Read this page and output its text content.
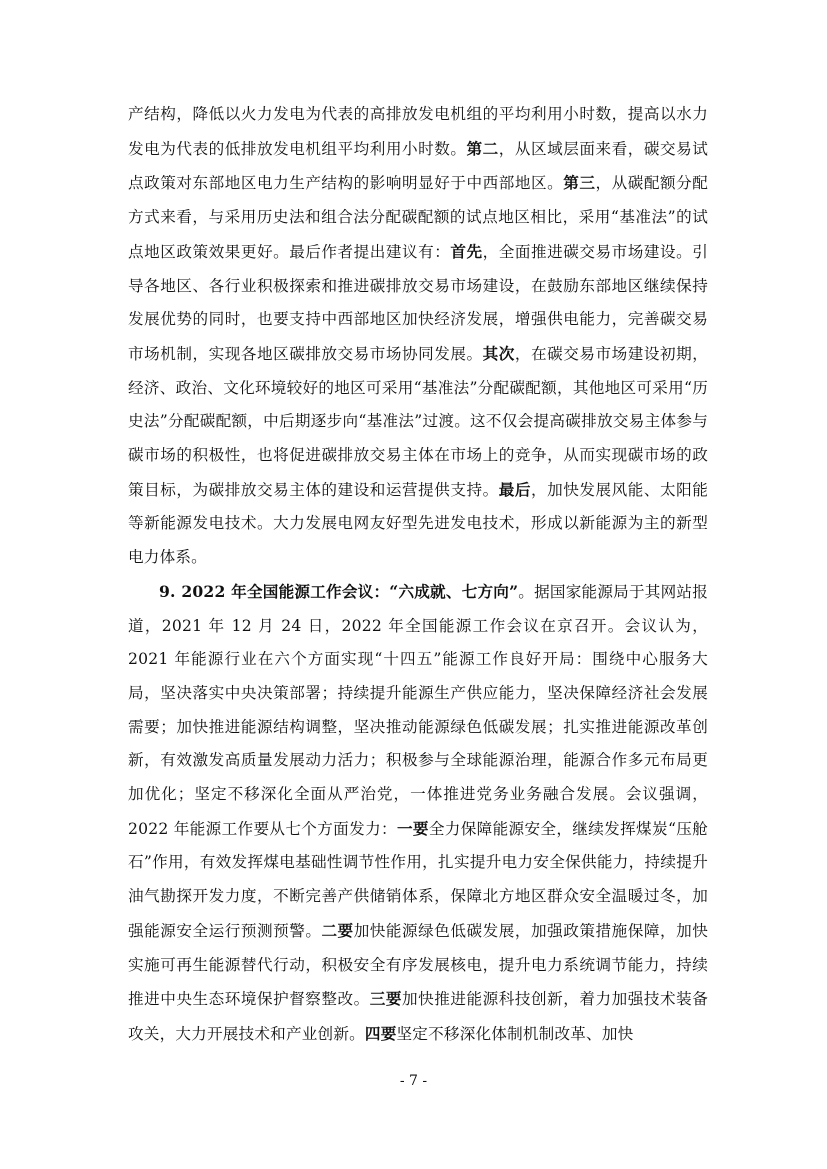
产结构，降低以火力发电为代表的高排放发电机组的平均利用小时数，提高以水力发电为代表的低排放发电机组平均利用小时数。第二，从区域层面来看，碳交易试点政策对东部地区电力生产结构的影响明显好于中西部地区。第三，从碳配额分配方式来看，与采用历史法和组合法分配碳配额的试点地区相比，采用“基准法”的试点地区政策效果更好。最后作者提出建议有：首先，全面推进碳交易市场建设。引导各地区、各行业积极探索和推进碳排放交易市场建设，在鼓励东部地区继续保持发展优势的同时，也要支持中西部地区加快经济发展，增强供电能力，完善碳交易市场机制，实现各地区碳排放交易市场协同发展。其次，在碳交易市场建设初期，经济、政治、文化环境较好的地区可采用“基准法”分配碳配额，其他地区可采用“历史法”分配碳配额，中后期逐步向“基准法”过渡。这不仅会提高碳排放交易主体参与碳市场的积极性，也将促进碳排放交易主体在市场上的竞争，从而实现碳市场的政策目标，为碳排放交易主体的建设和运营提供支持。最后，加快发展风能、太阳能等新能源发电技术。大力发展电网友好型先进发电技术，形成以新能源为主的新型电力体系。

9. 2022 年全国能源工作会议：“六成就、七方向”。据国家能源局于其网站报道，2021 年 12 月 24 日，2022 年全国能源工作会议在京召开。会议认为，2021 年能源行业在六个方面实现“十四五”能源工作良好开局：围绕中心服务大局，坚决落实中央决策部署；持续提升能源生产供应能力，坚决保障经济社会发展需要；加快推进能源结构调整，坚决推动能源绿色低碳发展；扎实推进能源改革创新，有效激发高质量发展动力活力；积极参与全球能源治理，能源合作多元布局更加优化；坚定不移深化全面从严治党，一体推进党务业务融合发展。会议强调，2022 年能源工作要从七个方面发力：一要全力保障能源安全，继续发挥煤炭“压舱石”作用，有效发挥煤电基础性调节性作用，扎实提升电力安全保供能力，持续提升油气勘探开发力度，不断完善产供储销体系，保障北方地区群众安全温暖过冬，加强能源安全运行预测预警。二要加快能源绿色低碳发展，加强政策措施保障，加快实施可再生能源替代行动，积极安全有序发展核电，提升电力系统调节能力，持续推进中央生态环境保护督察整改。三要加快推进能源科技创新，着力加强技术装备攻关，大力开展技术和产业创新。四要坚定不移深化体制机制改革、加快

- 7 -
